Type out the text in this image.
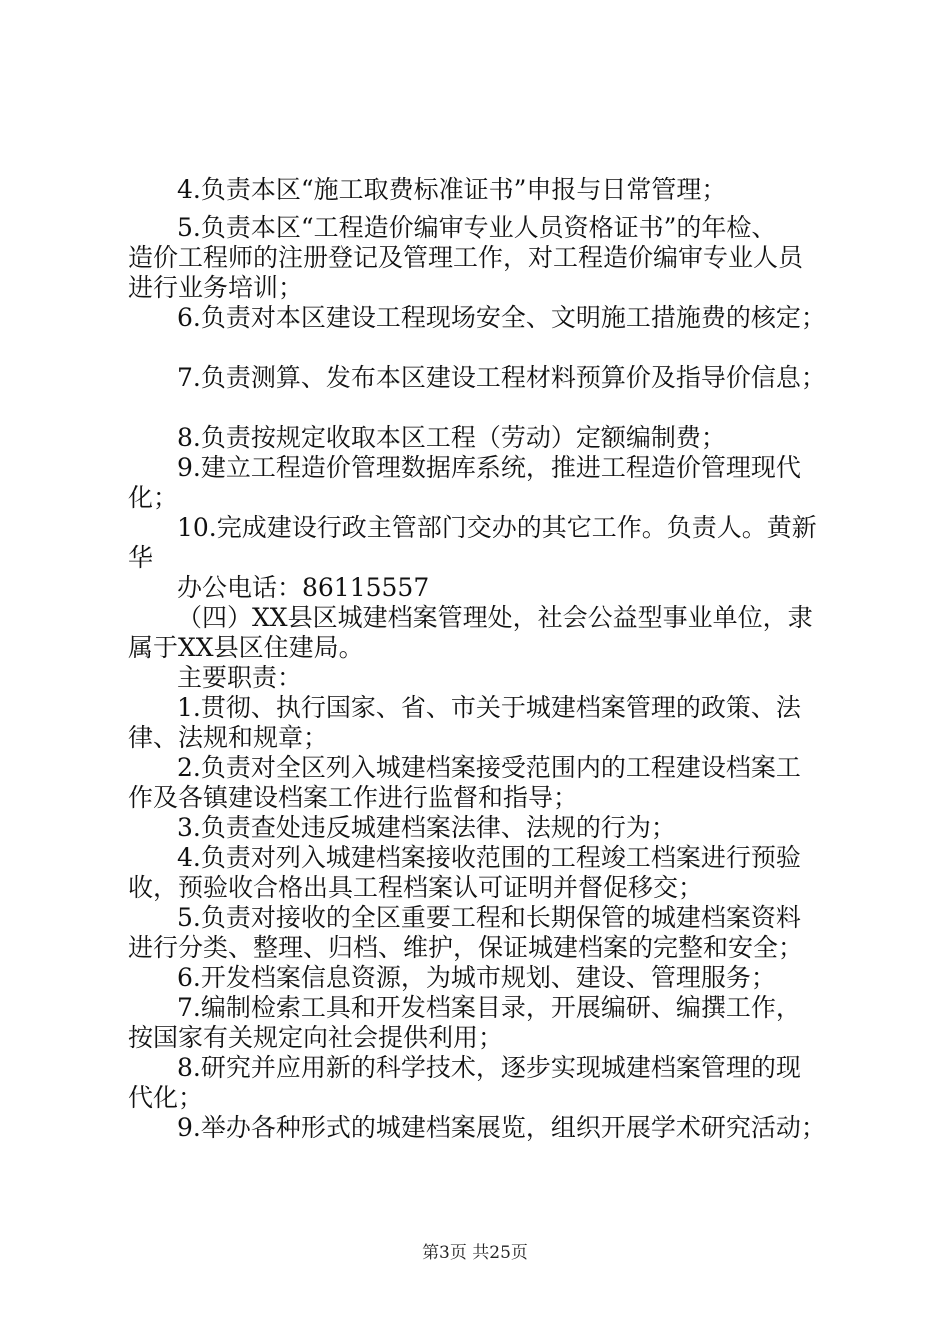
4.负责本区“施工取费标准证书”申报与日常管理；
5.负责本区“工程造价编审专业人员资格证书”的年检、
造价工程师的注册登记及管理工作，对工程造价编审专业人员
进行业务培训；
6.负责对本区建设工程现场安全、文明施工措施费的核定；
7.负责测算、发布本区建设工程材料预算价及指导价信息；
8.负责按规定收取本区工程（劳动）定额编制费；
9.建立工程造价管理数据库系统，推进工程造价管理现代
化；
10.完成建设行政主管部门交办的其它工作。负责人。黄新
华
办公电话：86115557
（四）XX县区城建档案管理处，社会公益型事业单位，隶
属于XX县区住建局。
主要职责：
1.贯彻、执行国家、省、市关于城建档案管理的政策、法
律、法规和规章；
2.负责对全区列入城建档案接受范围内的工程建设档案工
作及各镇建设档案工作进行监督和指导；
3.负责查处违反城建档案法律、法规的行为；
4.负责对列入城建档案接收范围的工程竣工档案进行预验
收，预验收合格出具工程档案认可证明并督促移交；
5.负责对接收的全区重要工程和长期保管的城建档案资料
进行分类、整理、归档、维护，保证城建档案的完整和安全；
6.开发档案信息资源，为城市规划、建设、管理服务；
7.编制检索工具和开发档案目录，开展编研、编撰工作，
按国家有关规定向社会提供利用；
8.研究并应用新的科学技术，逐步实现城建档案管理的现
代化；
9.举办各种形式的城建档案展览，组织开展学术研究活动；
第3页 共25页
